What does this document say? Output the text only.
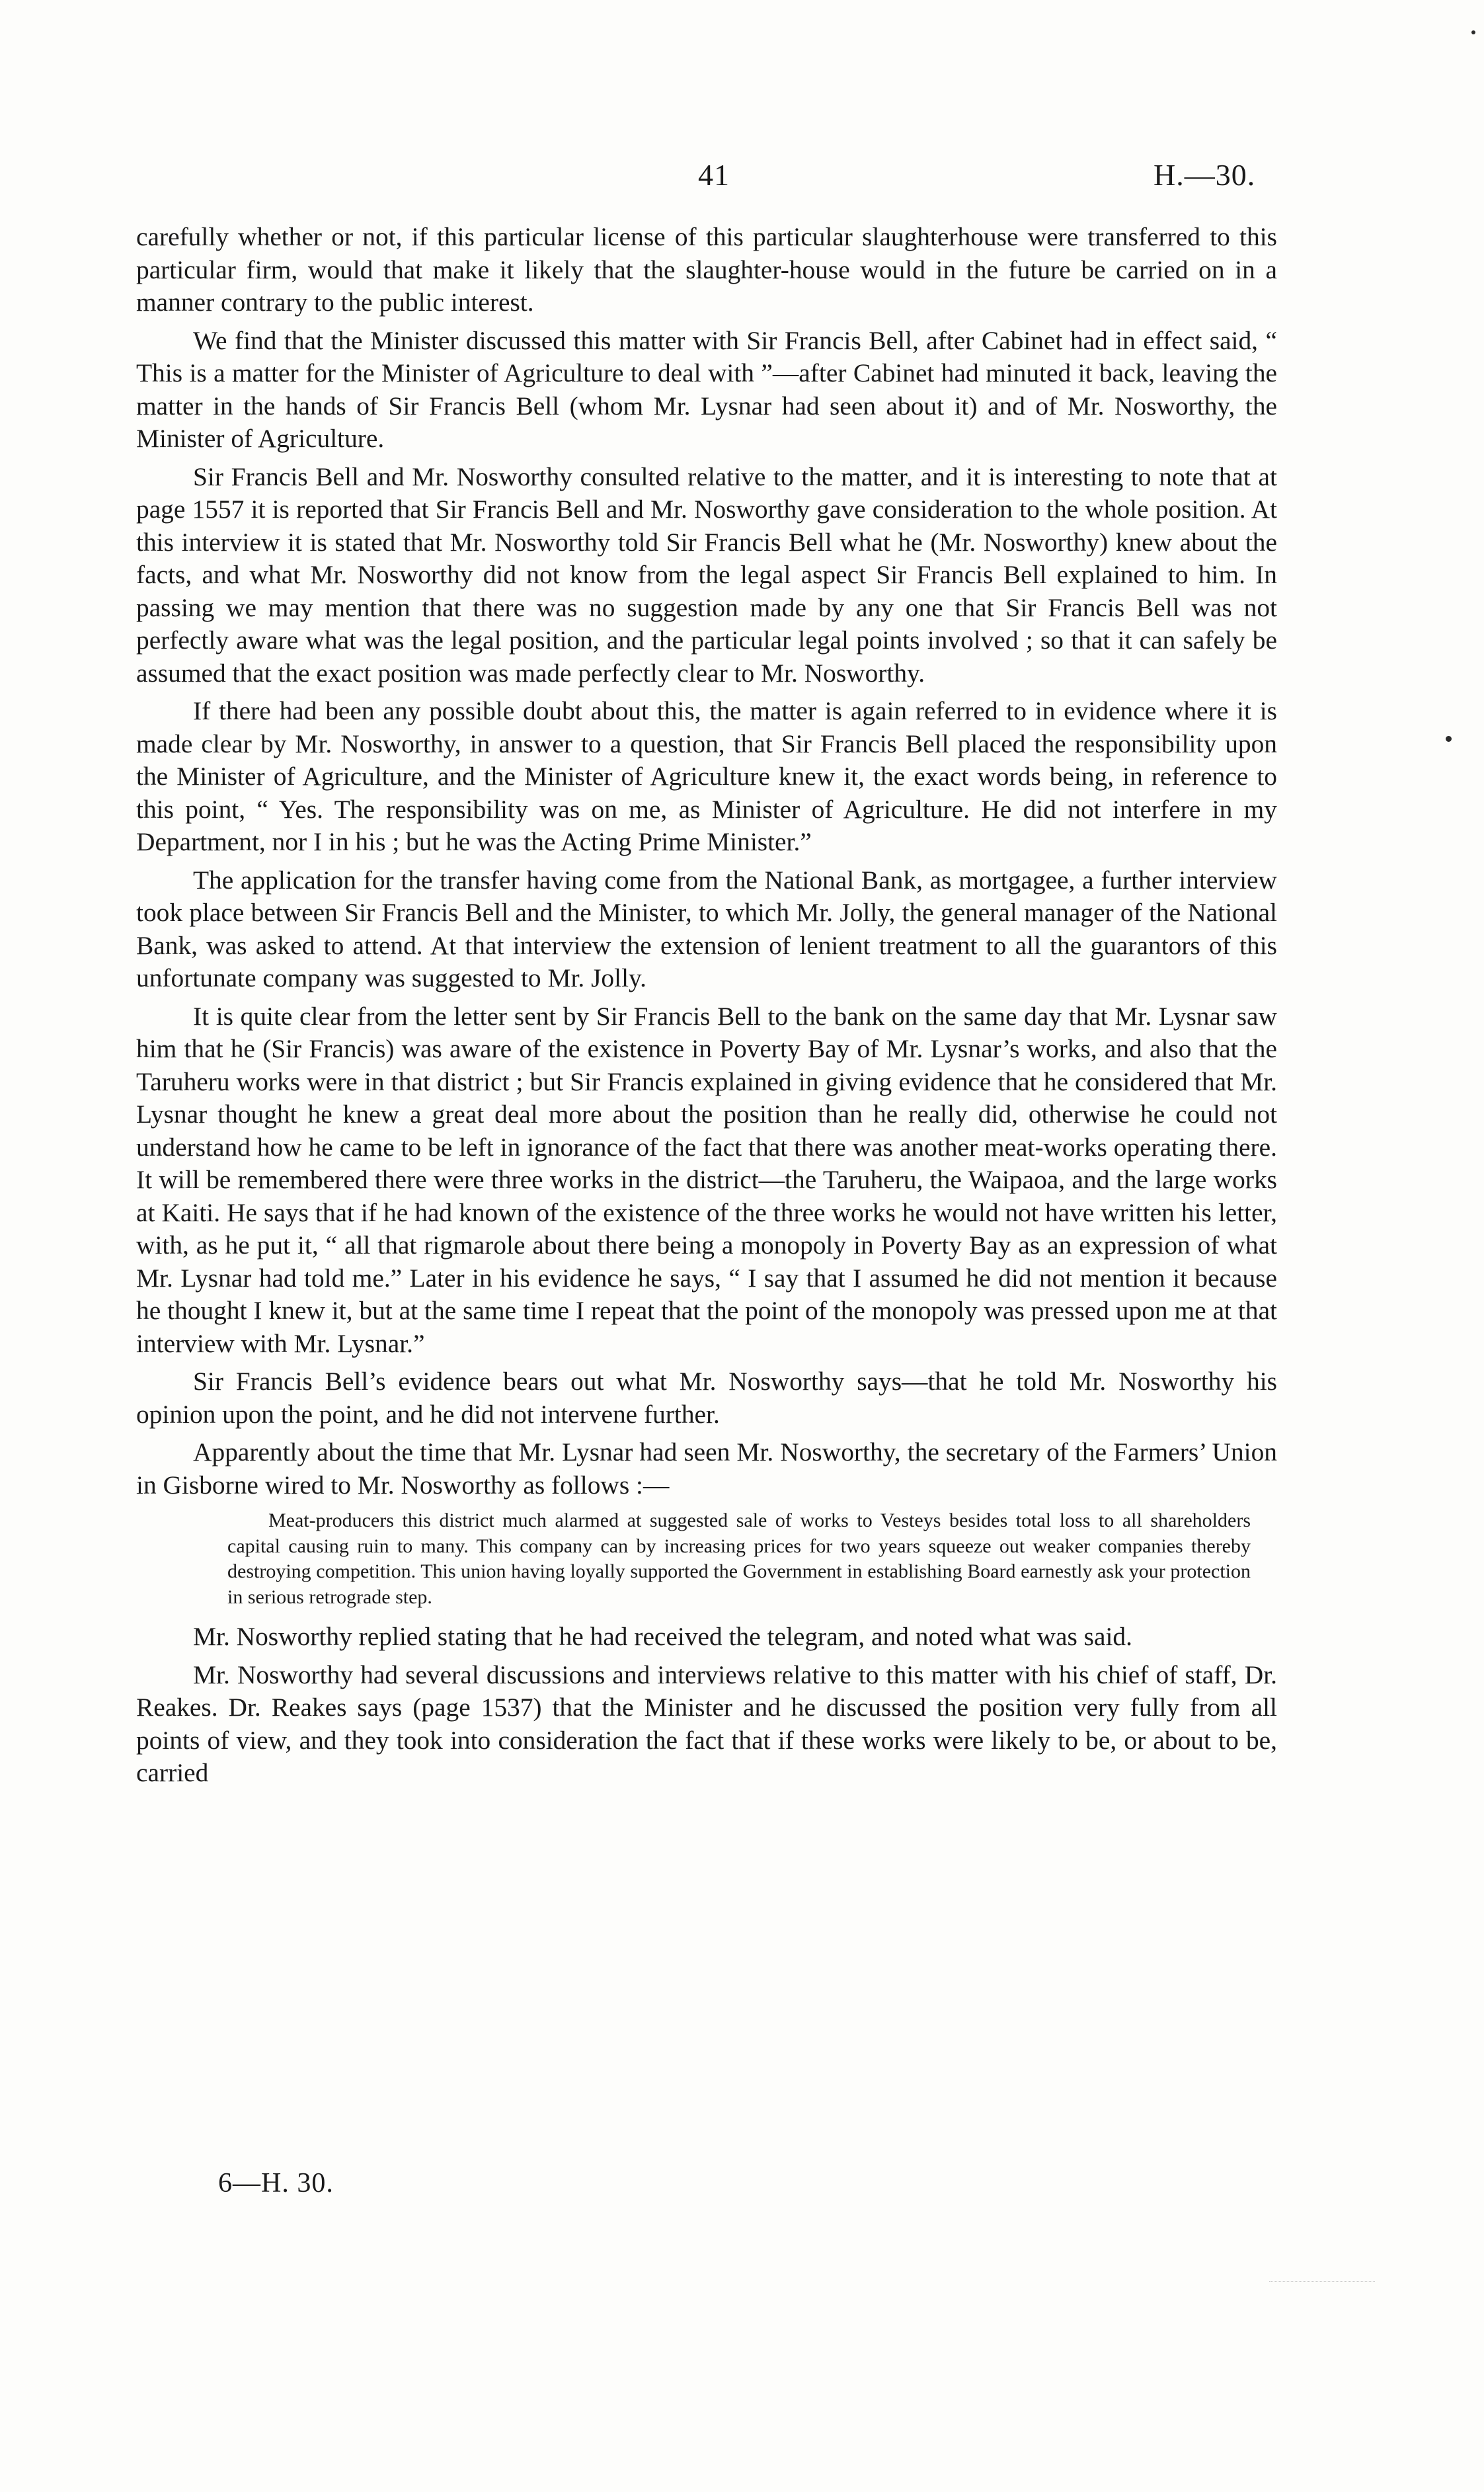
41	H.—30.

carefully whether or not, if this particular license of this particular slaughterhouse were transferred to this particular firm, would that make it likely that the slaughter-house would in the future be carried on in a manner contrary to the public interest.

We find that the Minister discussed this matter with Sir Francis Bell, after Cabinet had in effect said, “ This is a matter for the Minister of Agriculture to deal with ”—after Cabinet had minuted it back, leaving the matter in the hands of Sir Francis Bell (whom Mr. Lysnar had seen about it) and of Mr. Nosworthy, the Minister of Agriculture.

Sir Francis Bell and Mr. Nosworthy consulted relative to the matter, and it is interesting to note that at page 1557 it is reported that Sir Francis Bell and Mr. Nosworthy gave consideration to the whole position. At this interview it is stated that Mr. Nosworthy told Sir Francis Bell what he (Mr. Nosworthy) knew about the facts, and what Mr. Nosworthy did not know from the legal aspect Sir Francis Bell explained to him. In passing we may mention that there was no suggestion made by any one that Sir Francis Bell was not perfectly aware what was the legal position, and the particular legal points involved ; so that it can safely be assumed that the exact position was made perfectly clear to Mr. Nosworthy.

If there had been any possible doubt about this, the matter is again referred to in evidence where it is made clear by Mr. Nosworthy, in answer to a question, that Sir Francis Bell placed the responsibility upon the Minister of Agriculture, and the Minister of Agriculture knew it, the exact words being, in reference to this point, “ Yes. The responsibility was on me, as Minister of Agriculture. He did not interfere in my Department, nor I in his ; but he was the Acting Prime Minister.”

The application for the transfer having come from the National Bank, as mortgagee, a further interview took place between Sir Francis Bell and the Minister, to which Mr. Jolly, the general manager of the National Bank, was asked to attend. At that interview the extension of lenient treatment to all the guarantors of this unfortunate company was suggested to Mr. Jolly.

It is quite clear from the letter sent by Sir Francis Bell to the bank on the same day that Mr. Lysnar saw him that he (Sir Francis) was aware of the existence in Poverty Bay of Mr. Lysnar’s works, and also that the Taruheru works were in that district ; but Sir Francis explained in giving evidence that he considered that Mr. Lysnar thought he knew a great deal more about the position than he really did, otherwise he could not understand how he came to be left in ignorance of the fact that there was another meat-works operating there. It will be remembered there were three works in the district—the Taruheru, the Waipaoa, and the large works at Kaiti. He says that if he had known of the existence of the three works he would not have written his letter, with, as he put it, “ all that rigmarole about there being a monopoly in Poverty Bay as an expression of what Mr. Lysnar had told me.” Later in his evidence he says, “ I say that I assumed he did not mention it because he thought I knew it, but at the same time I repeat that the point of the monopoly was pressed upon me at that interview with Mr. Lysnar.”

Sir Francis Bell’s evidence bears out what Mr. Nosworthy says—that he told Mr. Nosworthy his opinion upon the point, and he did not intervene further.

Apparently about the time that Mr. Lysnar had seen Mr. Nosworthy, the secretary of the Farmers’ Union in Gisborne wired to Mr. Nosworthy as follows :—

Meat-producers this district much alarmed at suggested sale of works to Vesteys besides total loss to all shareholders capital causing ruin to many. This company can by increasing prices for two years squeeze out weaker companies thereby destroying competition. This union having loyally supported the Government in establishing Board earnestly ask your protection in serious retrograde step.

Mr. Nosworthy replied stating that he had received the telegram, and noted what was said.

Mr. Nosworthy had several discussions and interviews relative to this matter with his chief of staff, Dr. Reakes. Dr. Reakes says (page 1537) that the Minister and he discussed the position very fully from all points of view, and they took into consideration the fact that if these works were likely to be, or about to be, carried

6—H. 30.
